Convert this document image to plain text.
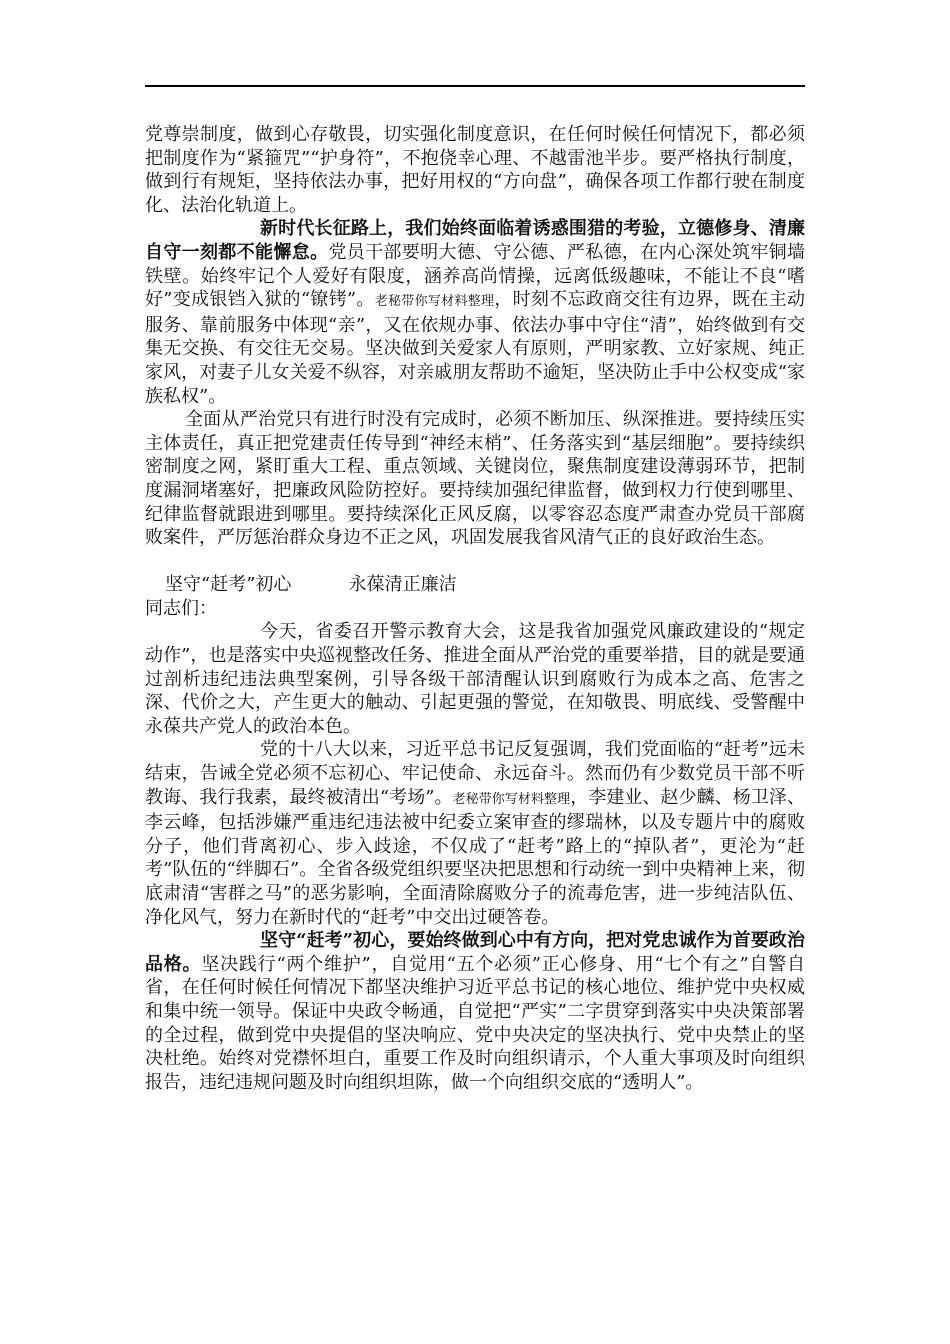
党尊崇制度，做到心存敬畏，切实强化制度意识，在任何时候任何情况下，都必须把制度作为“紧箍咒”“护身符”，不抱侥幸心理、不越雷池半步。要严格执行制度，做到行有规矩，坚持依法办事，把好用权的“方向盘”，确保各项工作都行驶在制度化、法治化轨道上。

新时代长征路上，我们始终面临着诱惑围猎的考验，立德修身、清廉自守一刻都不能懈怠。党员干部要明大德、守公德、严私德，在内心深处筑牢铜墙铁壁。始终牢记个人爱好有限度，涵养高尚情操，远离低级趣味，不能让不良“嗜好”变成银铛入狱的“镣铐”。老秘带你写材料整理，时刻不忘政商交往有边界，既在主动服务、靠前服务中体现“亲”，又在依规办事、依法办事中守住“清”，始终做到有交集无交换、有交往无交易。坚决做到关爱家人有原则，严明家教、立好家规、纯正家风，对妻子儿女关爱不纵容，对亲戚朋友帮助不逾矩，坚决防止手中公权变成“家族私权”。

全面从严治党只有进行时没有完成时，必须不断加压、纵深推进。要持续压实主体责任，真正把党建责任传导到“神经末梢”、任务落实到“基层细胞”。要持续织密制度之网，紧盯重大工程、重点领域、关键岗位，聚焦制度建设薄弱环节，把制度漏洞堵塞好，把廉政风险防控好。要持续加强纪律监督，做到权力行使到哪里、纪律监督就跟进到哪里。要持续深化正风反腐，以零容忍态度严肃查办党员干部腐败案件，严厉惩治群众身边不正之风，巩固发展我省风清气正的良好政治生态。

坚守“赶考”初心	永葆清正廉洁

同志们：

今天，省委召开警示教育大会，这是我省加强党风廉政建设的“规定动作”，也是落实中央巡视整改任务、推进全面从严治党的重要举措，目的就是要通过剖析违纪违法典型案例，引导各级干部清醒认识到腐败行为成本之高、危害之深、代价之大，产生更大的触动、引起更强的警觉，在知敬畏、明底线、受警醒中永葆共产党人的政治本色。

党的十八大以来，习近平总书记反复强调，我们党面临的“赶考”远未结束，告诫全党必须不忘初心、牢记使命、永远奋斗。然而仍有少数党员干部不听教诲、我行我素，最终被清出“考场”。老秘带你写材料整理，李建业、赵少麟、杨卫泽、李云峰，包括涉嫌严重违纪违法被中纪委立案审查的缪瑞林，以及专题片中的腐败分子，他们背离初心、步入歧途，不仅成了“赶考”路上的“掉队者”，更沦为“赶考”队伍的“绊脚石”。全省各级党组织要坚决把思想和行动统一到中央精神上来，彻底肃清“害群之马”的恶劣影响，全面清除腐败分子的流毒危害，进一步纯洁队伍、净化风气，努力在新时代的“赶考”中交出过硬答卷。

坚守“赶考”初心，要始终做到心中有方向，把对党忠诚作为首要政治品格。坚决践行“两个维护”，自觉用“五个必须”正心修身、用“七个有之”自警自省，在任何时候任何情况下都坚决维护习近平总书记的核心地位、维护党中央权威和集中统一领导。保证中央政令畅通，自觉把“严实”二字贯穿到落实中央决策部署的全过程，做到党中央提倡的坚决响应、党中央决定的坚决执行、党中央禁止的坚决杜绝。始终对党襟怀坦白，重要工作及时向组织请示，个人重大事项及时向组织报告，违纪违规问题及时向组织坦陈，做一个向组织交底的“透明人”。
